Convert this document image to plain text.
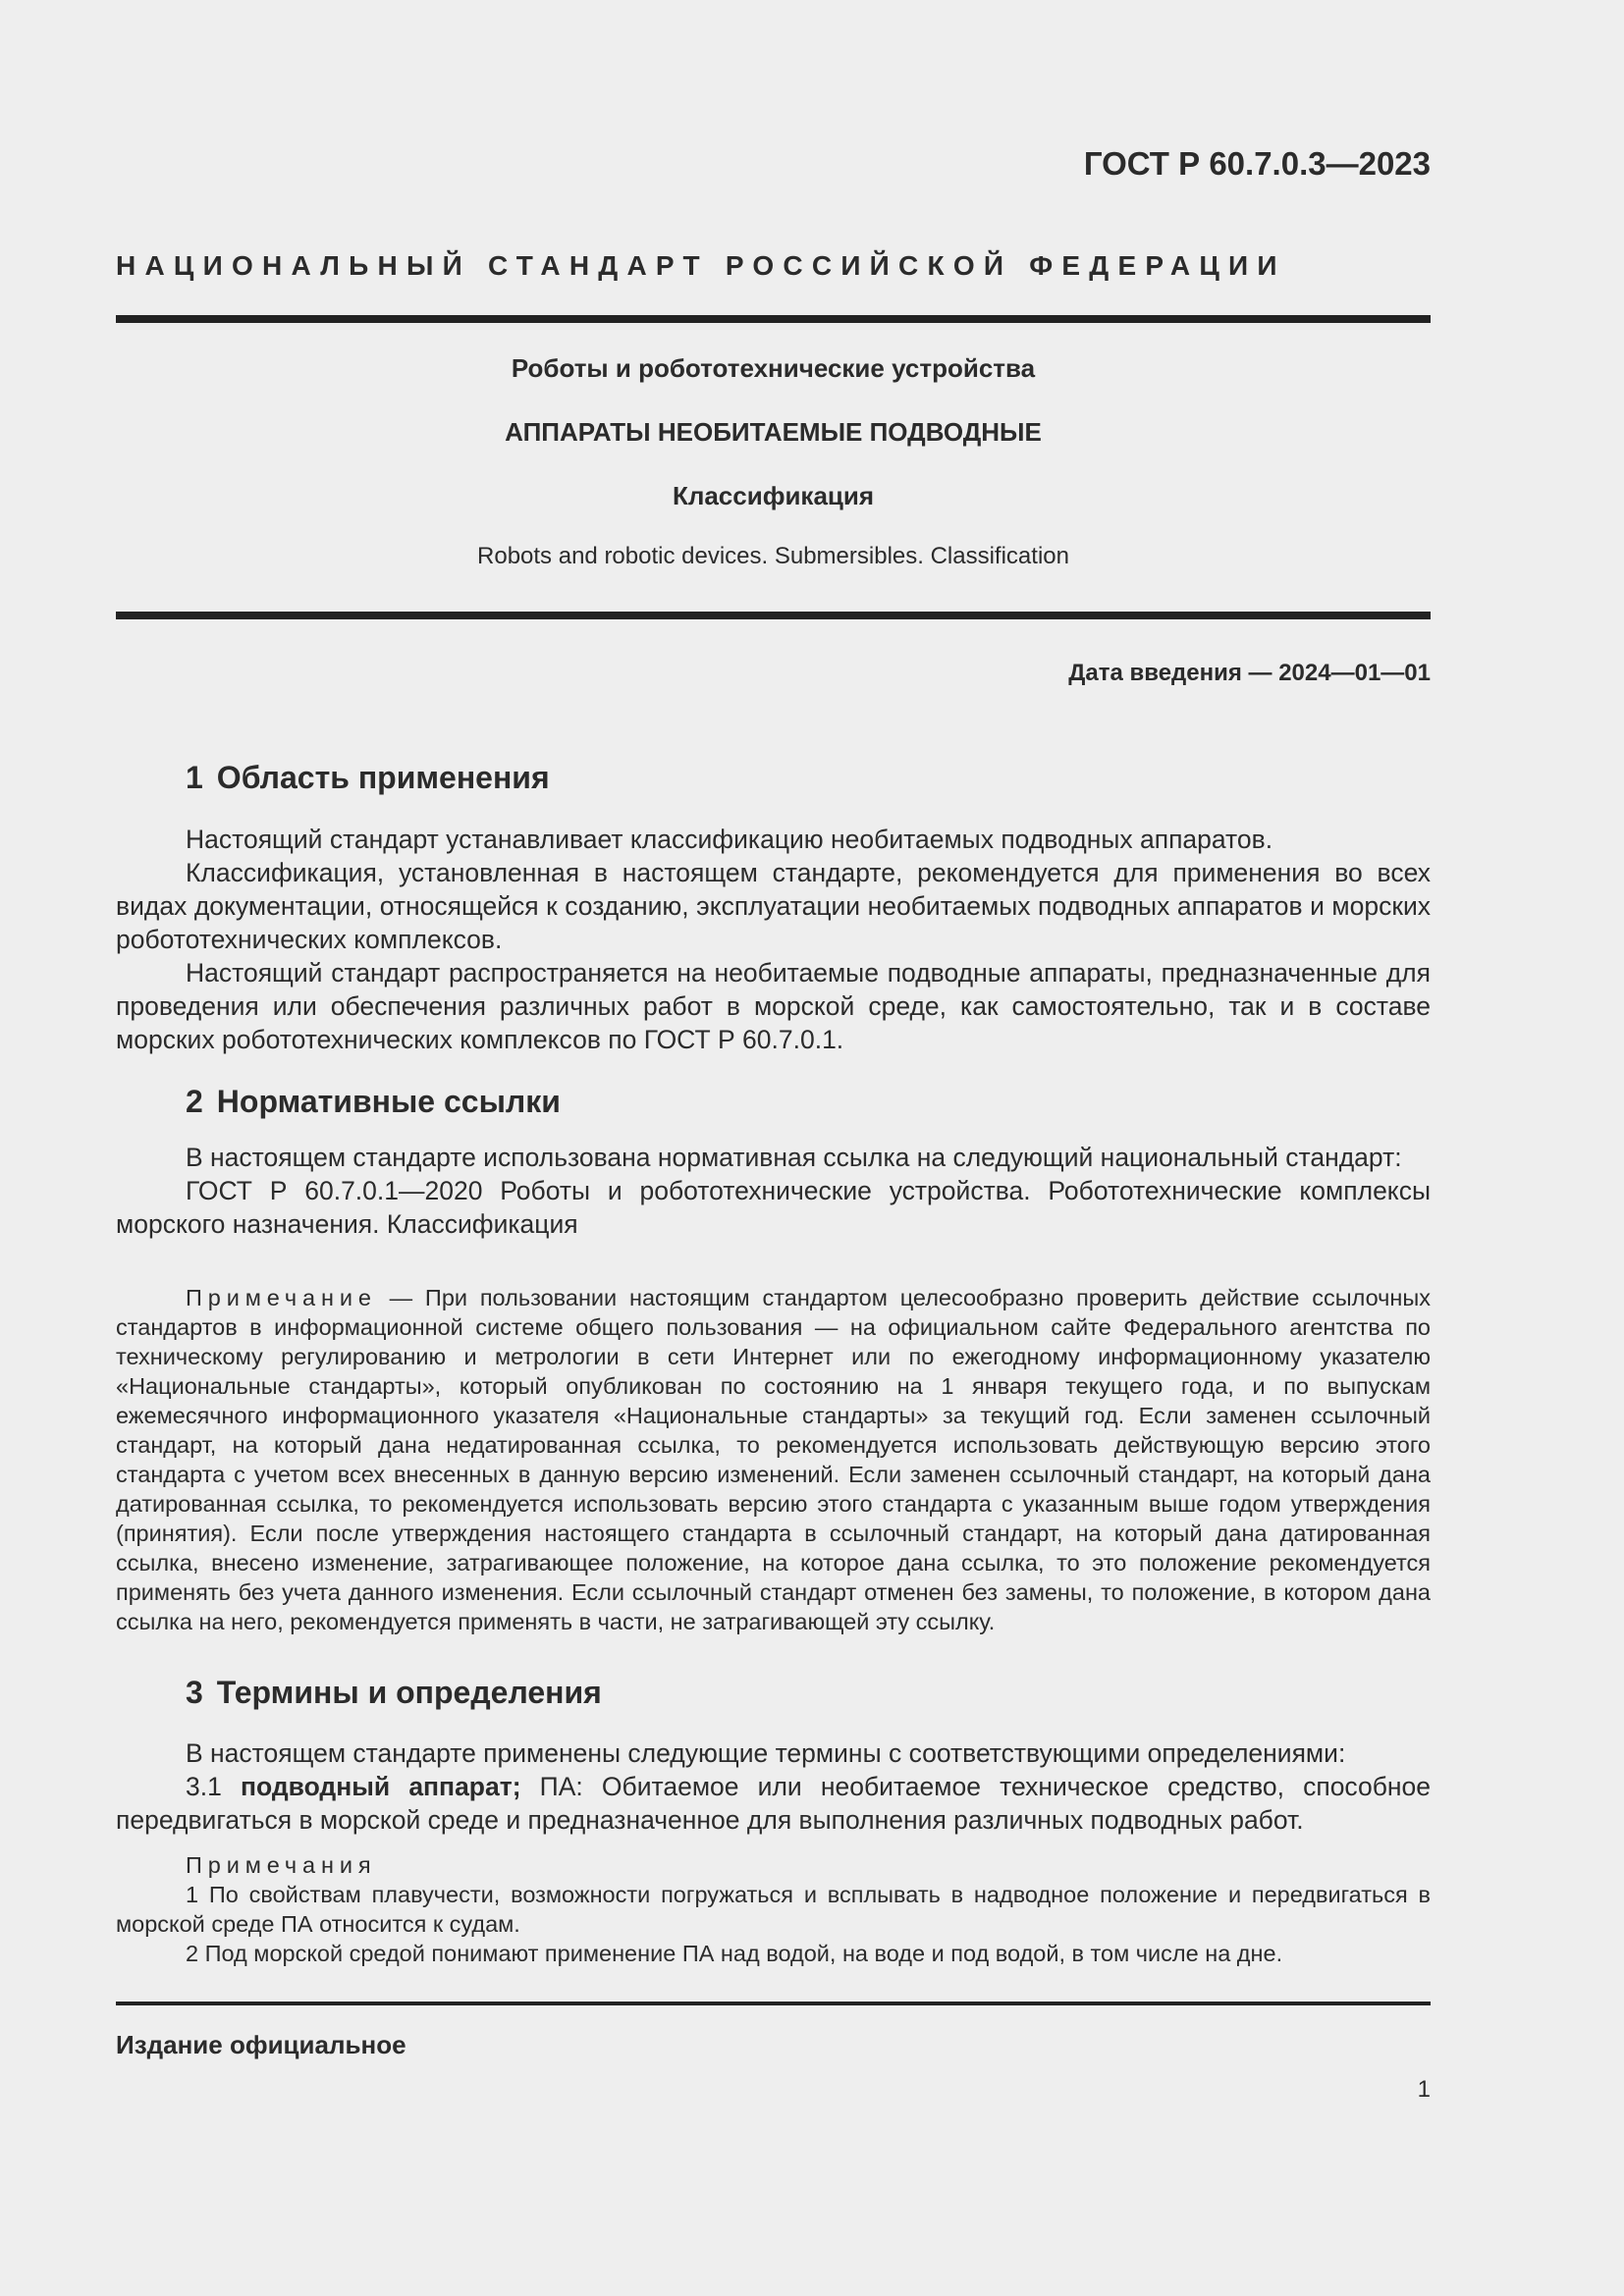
ГОСТ Р 60.7.0.3—2023
НАЦИОНАЛЬНЫЙ СТАНДАРТ РОССИЙСКОЙ ФЕДЕРАЦИИ
Роботы и робототехнические устройства
АППАРАТЫ НЕОБИТАЕМЫЕ ПОДВОДНЫЕ
Классификация
Robots and robotic devices. Submersibles. Classification
Дата введения — 2024—01—01
1 Область применения

Настоящий стандарт устанавливает классификацию необитаемых подводных аппаратов.

Классификация, установленная в настоящем стандарте, рекомендуется для применения во всех видах документации, относящейся к созданию, эксплуатации необитаемых подводных аппаратов и морских робототехнических комплексов.

Настоящий стандарт распространяется на необитаемые подводные аппараты, предназначенные для проведения или обеспечения различных работ в морской среде, как самостоятельно, так и в составе морских робототехнических комплексов по ГОСТ Р 60.7.0.1.

2 Нормативные ссылки

В настоящем стандарте использована нормативная ссылка на следующий национальный стандарт:

ГОСТ Р 60.7.0.1—2020 Роботы и робототехнические устройства. Робототехнические комплексы морского назначения. Классификация

Примечание — При пользовании настоящим стандартом целесообразно проверить действие ссылочных стандартов в информационной системе общего пользования — на официальном сайте Федерального агентства по техническому регулированию и метрологии в сети Интернет или по ежегодному информационному указателю «Национальные стандарты», который опубликован по состоянию на 1 января текущего года, и по выпускам ежемесячного информационного указателя «Национальные стандарты» за текущий год. Если заменен ссылочный стандарт, на который дана недатированная ссылка, то рекомендуется использовать действующую версию этого стандарта с учетом всех внесенных в данную версию изменений. Если заменен ссылочный стандарт, на который дана датированная ссылка, то рекомендуется использовать версию этого стандарта с указанным выше годом утверждения (принятия). Если после утверждения настоящего стандарта в ссылочный стандарт, на который дана датированная ссылка, внесено изменение, затрагивающее положение, на которое дана ссылка, то это положение рекомендуется применять без учета данного изменения. Если ссылочный стандарт отменен без замены, то положение, в котором дана ссылка на него, рекомендуется применять в части, не затрагивающей эту ссылку.

3 Термины и определения

В настоящем стандарте применены следующие термины с соответствующими определениями:

3.1 подводный аппарат; ПА: Обитаемое или необитаемое техническое средство, способное передвигаться в морской среде и предназначенное для выполнения различных подводных работ.

Примечания

1 По свойствам плавучести, возможности погружаться и всплывать в надводное положение и передвигаться в морской среде ПА относится к судам.

2 Под морской средой понимают применение ПА над водой, на воде и под водой, в том числе на дне.

Издание официальное
1
